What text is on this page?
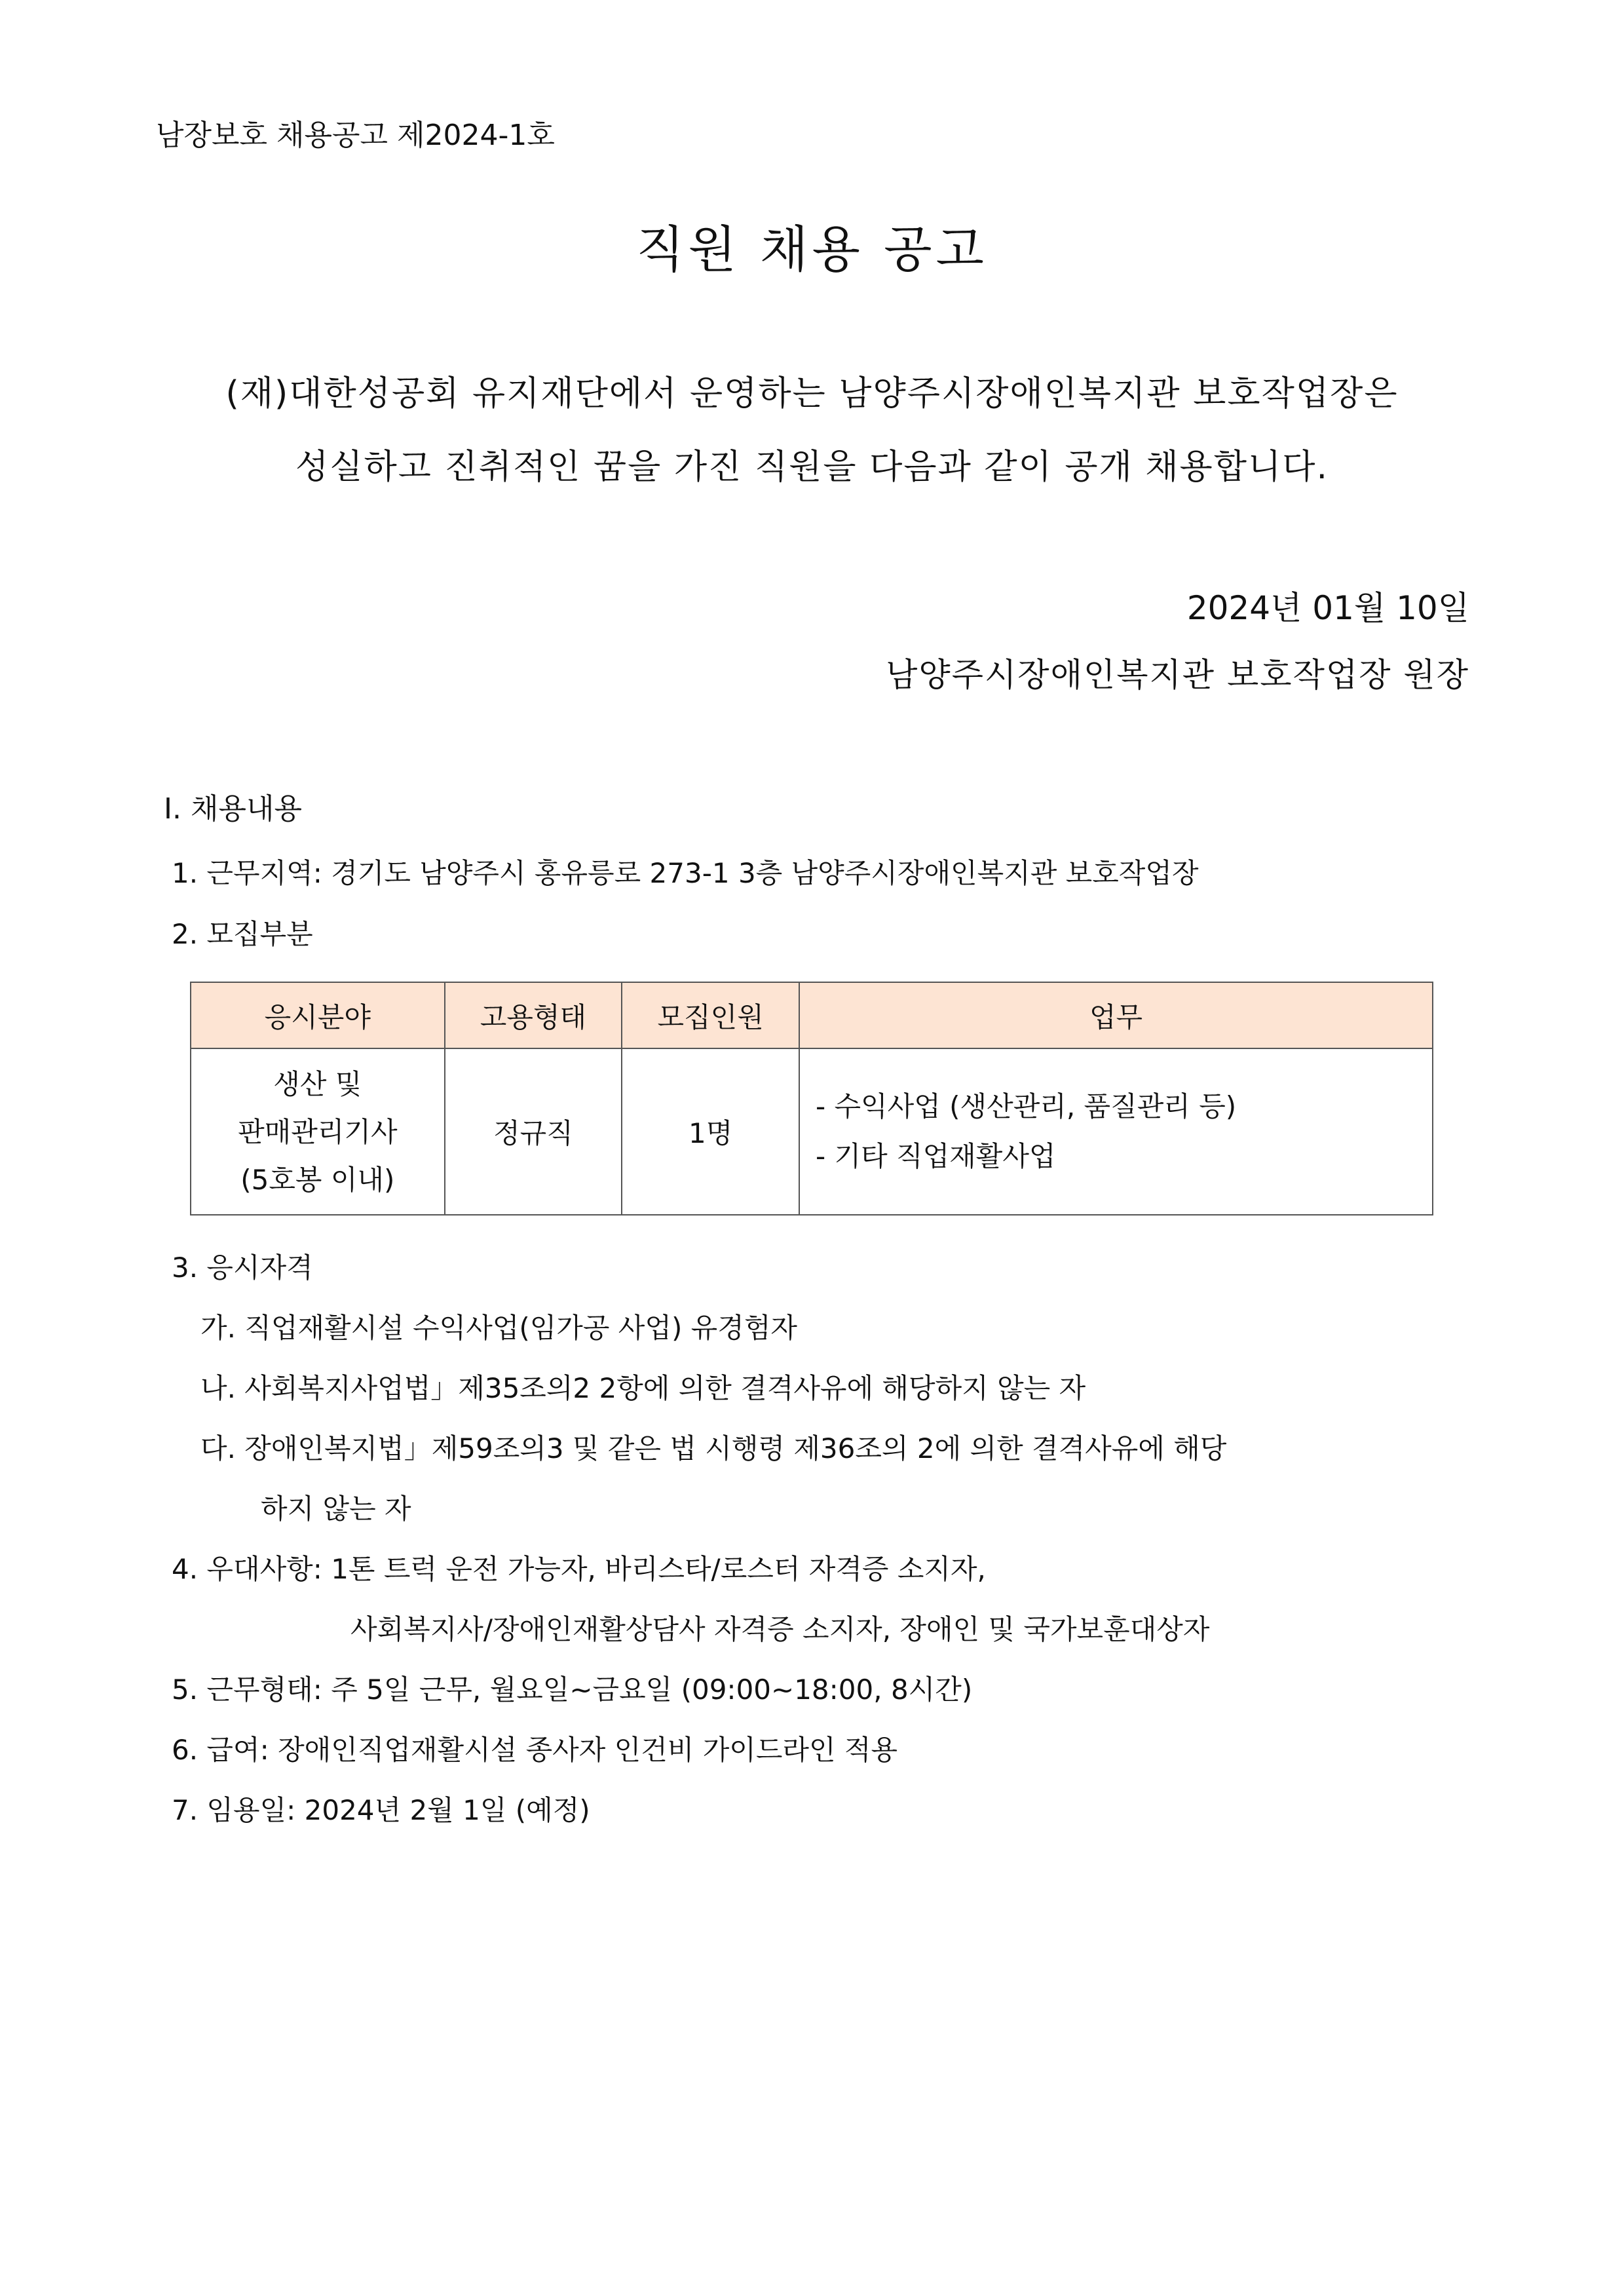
남장보호 채용공고 제2024-1호
직원 채용 공고
(재)대한성공회 유지재단에서 운영하는 남양주시장애인복지관 보호작업장은
성실하고 진취적인 꿈을 가진 직원을 다음과 같이 공개 채용합니다.
2024년 01월 10일
남양주시장애인복지관 보호작업장 원장
Ⅰ. 채용내용
1. 근무지역: 경기도 남양주시 홍유릉로 273-1 3층 남양주시장애인복지관 보호작업장
2. 모집부분
응시분야	고용형태	모집인원	업무

생산 및
판매관리기사
(5호봉 이내)	정규직	1명	- 수익사업 (생산관리, 품질관리 등)
- 기타 직업재활사업
3. 응시자격
가. 직업재활시설 수익사업(임가공 사업) 유경험자
나. 사회복지사업법」제35조의2 2항에 의한 결격사유에 해당하지 않는 자
다. 장애인복지법」제59조의3 및 같은 법 시행령 제36조의 2에 의한 결격사유에 해당
하지 않는 자
4. 우대사항: 1톤 트럭 운전 가능자, 바리스타/로스터 자격증 소지자,
사회복지사/장애인재활상담사 자격증 소지자, 장애인 및 국가보훈대상자
5. 근무형태: 주 5일 근무, 월요일~금요일 (09:00~18:00, 8시간)
6. 급여: 장애인직업재활시설 종사자 인건비 가이드라인 적용
7. 임용일: 2024년 2월 1일 (예정)
